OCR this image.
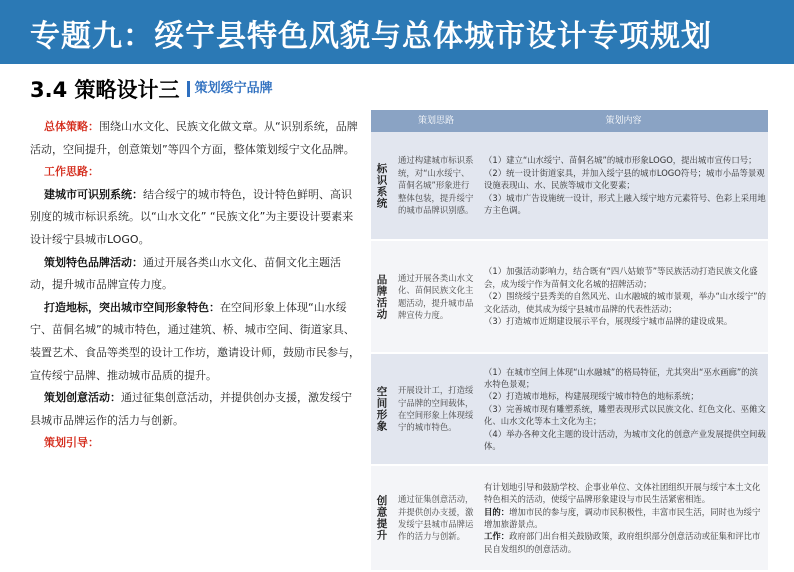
专题九：绥宁县特色风貌与总体城市设计专项规划
3.4 策略设计三 策划绥宁品牌

总体策略：围绕山水文化、民族文化做文章。从“识别系统，品牌活动，空间提升，创意策划”等四个方面，整体策划绥宁文化品牌。

工作思路：

建城市可识别系统：结合绥宁的城市特色，设计特色鲜明、高识别度的城市标识系统。以“山水文化” “民族文化”为主要设计要素来设计绥宁县城市LOGO。

策划特色品牌活动：通过开展各类山水文化、苗侗文化主题活动，提升城市品牌宣传力度。

打造地标，突出城市空间形象特色：在空间形象上体现“山水绥宁、苗侗名城”的城市特色，通过建筑、桥、城市空间、街道家具、装置艺术、食品等类型的设计工作坊，邀请设计师，鼓励市民参与，宣传绥宁品牌、推动城市品质的提升。

策划创意活动：通过征集创意活动，并提供创办支援，激发绥宁县城市品牌运作的活力与创新。

策划引导：

策划思路	策划内容
标识系统
通过构建城市标识系统，对“山水绥宁、苗侗名城”形象进行整体包装，提升绥宁的城市品牌识别感。
（1）建立“山水绥宁、苗侗名城”的城市形象LOGO，提出城市宣传口号；
（2）统一设计街道家具，并加入绥宁县的城市LOGO符号；城市小品等景观设施表现山、水、民族等城市文化要素；
（3）城市广告设施统一设计，形式上融入绥宁地方元素符号、色彩上采用地方主色调。
品牌活动 通过开展各类山水文化、苗侗民族文化主题活动，提升城市品牌宣传力度。
（1）加强活动影响力，结合既有“四八姑娘节”等民族活动打造民族文化盛会，成为绥宁作为苗侗文化名城的招牌活动；
（2）围绕绥宁县秀美的自然风光、山水融城的城市景观，举办“山水绥宁”的文化活动，使其成为绥宁县城市品牌的代表性活动；
（3）打造城市近期建设展示平台，展现绥宁城市品牌的建设成果。
空间形象 开展设计工，打造绥宁品牌的空间载体，在空间形象上体现绥宁的城市特色。
（1）在城市空间上体现“山水融城”的格局特征，尤其突出“巫水画廊”的滨水特色景观；
（2）打造城市地标，构建展现绥宁城市特色的地标系统；
（3）完善城市现有雕塑系统，雕塑表现形式以民族文化、红色文化、巫傩文化、山水文化等本土文化为主；
（4）举办各种文化主题的设计活动，为城市文化的创意产业发展提供空间载体。
创意提升 通过征集创意活动，并提供创办支援，激发绥宁县城市品牌运作的活力与创新。
有计划地引导和鼓励学校、企事业单位、文体社团组织开展与绥宁本土文化特色相关的活动，使绥宁品牌形象建设与市民生活紧密相连。
目的：增加市民的参与度，调动市民积极性，丰富市民生活，同时也为绥宁增加旅游景点。
工作：政府部门出台相关鼓励政策，政府组织部分创意活动或征集和评比市民自发组织的创意活动。
